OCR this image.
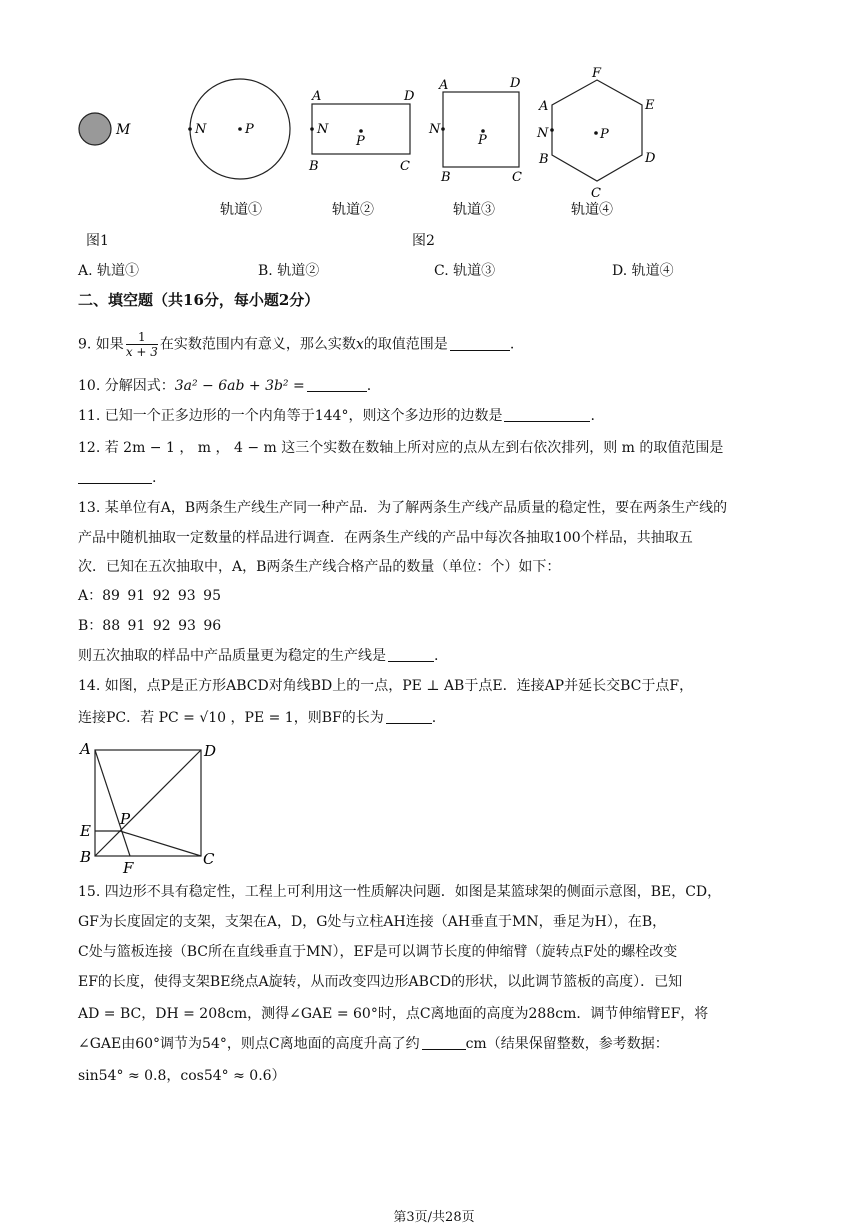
M	N	P
A	D
B	C
N
P
A	D
B	C
N
P
F
A	E
B	D
C
N	P
轨道①	轨道②	轨道③	轨道④
图1	图2
A. 轨道①	B. 轨道②	C. 轨道③	D. 轨道④
二、填空题（共16分，每小题2分）
9. 如果 $\frac{1}{x + 3}$ 在实数范围内有意义，那么实数x的取值范围是	.
10. 分解因式：3a² − 6ab + 3b² =	.
11. 已知一个正多边形的一个内角等于144°，则这个多边形的边数是	.
12. 若 2m − 1 ， m ， 4 − m 这三个实数在数轴上所对应的点从左到右依次排列，则 m 的取值范围是
.
13. 某单位有A，B两条生产线生产同一种产品．为了解两条生产线产品质量的稳定性，要在两条生产线的
产品中随机抽取一定数量的样品进行调查．在两条生产线的产品中每次各抽取100个样品，共抽取五
次．已知在五次抽取中，A，B两条生产线合格产品的数量（单位：个）如下：
A：89 91 92 93 95
B：88 91 92 93 96
则五次抽取的样品中产品质量更为稳定的生产线是	.
14. 如图，点P是正方形ABCD对角线BD上的一点，PE ⊥ AB于点E．连接AP并延长交BC于点F，
连接PC．若 PC = √10 ，PE = 1，则BF的长为	.
A	D
P
E
B
F	C
15. 四边形不具有稳定性，工程上可利用这一性质解决问题．如图是某篮球架的侧面示意图，BE，CD，
GF为长度固定的支架，支架在A，D，G处与立柱AH连接（AH垂直于MN，垂足为H），在B，
C处与篮板连接（BC所在直线垂直于MN），EF是可以调节长度的伸缩臂（旋转点F处的螺栓改变
EF的长度，使得支架BE绕点A旋转，从而改变四边形ABCD的形状，以此调节篮板的高度）．已知
AD = BC，DH = 208cm，测得∠GAE = 60°时，点C离地面的高度为288cm．调节伸缩臂EF，将
∠GAE由60°调节为54°，则点C离地面的高度升高了约	cm（结果保留整数，参考数据：
sin54° ≈ 0.8，cos54° ≈ 0.6）
第3页/共28页
